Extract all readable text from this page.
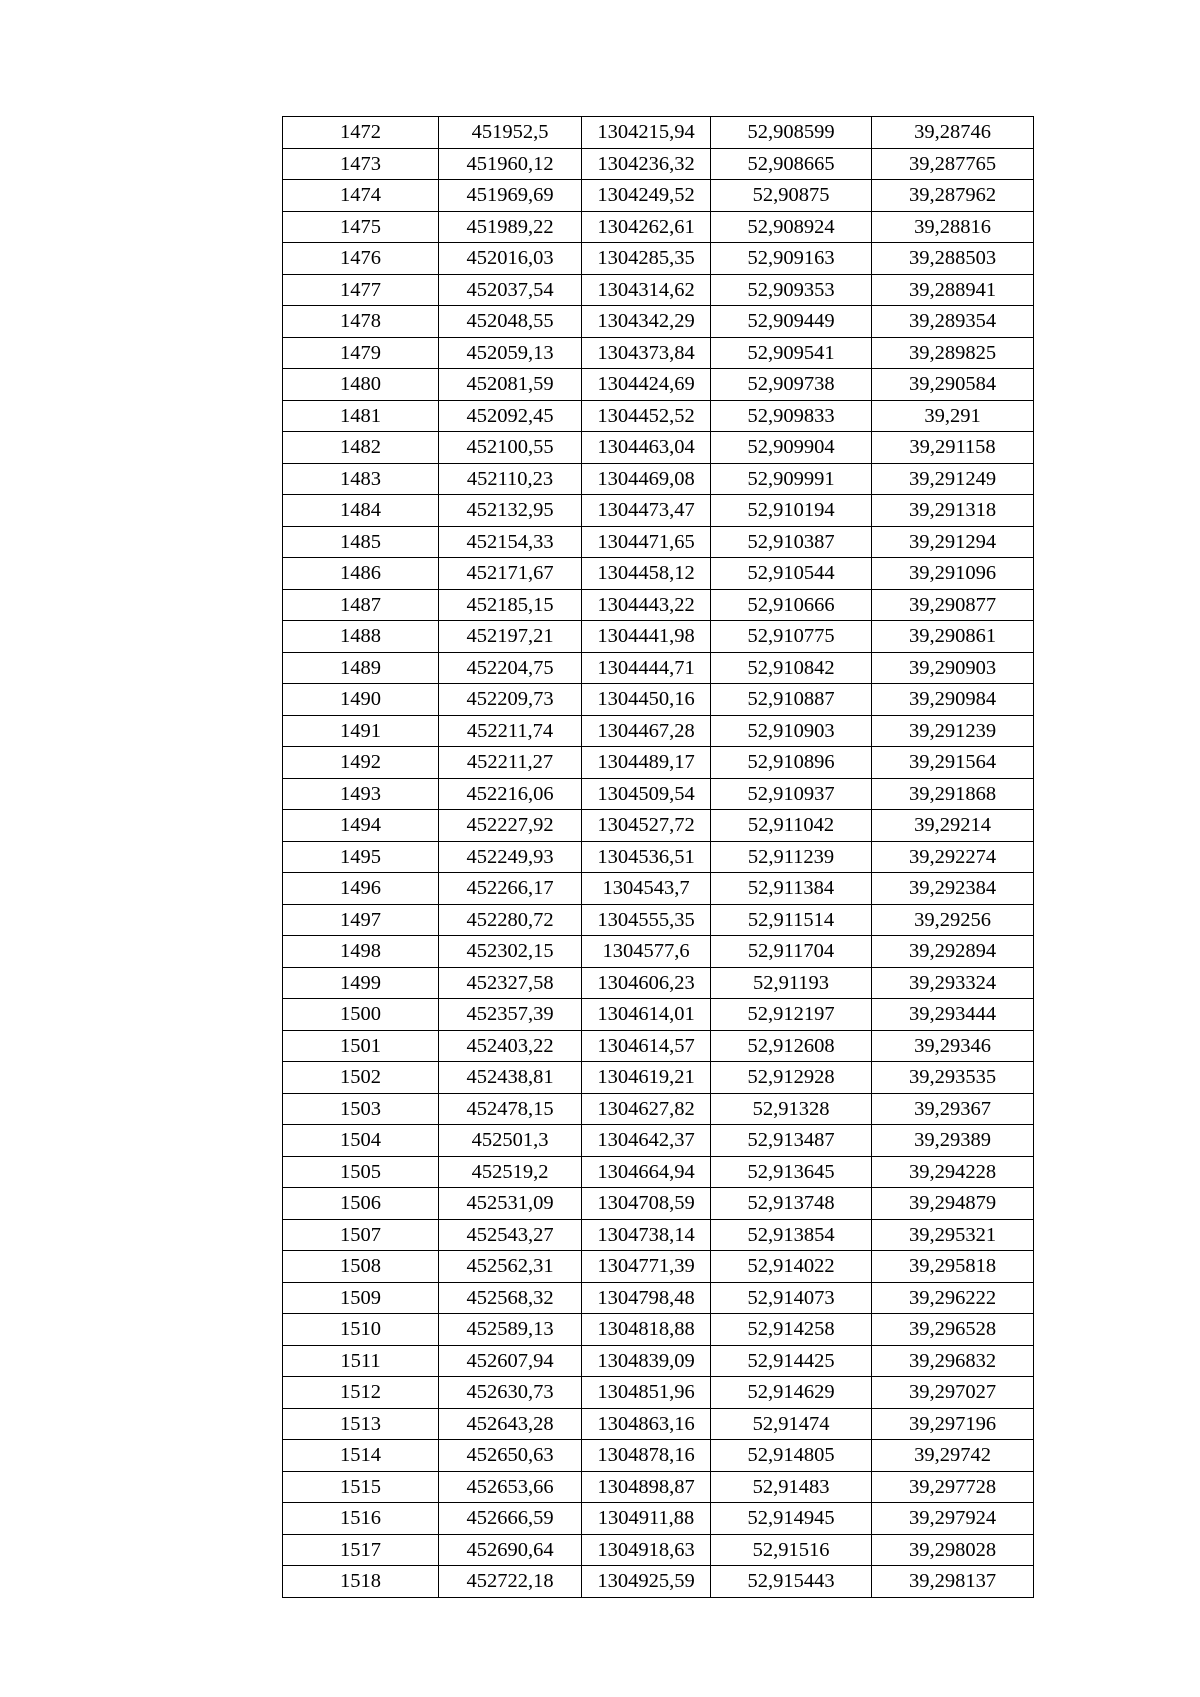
1472	451952,5	1304215,94	52,908599	39,28746
1473	451960,12	1304236,32	52,908665	39,287765
1474	451969,69	1304249,52	52,90875	39,287962
1475	451989,22	1304262,61	52,908924	39,28816
1476	452016,03	1304285,35	52,909163	39,288503
1477	452037,54	1304314,62	52,909353	39,288941
1478	452048,55	1304342,29	52,909449	39,289354
1479	452059,13	1304373,84	52,909541	39,289825
1480	452081,59	1304424,69	52,909738	39,290584
1481	452092,45	1304452,52	52,909833	39,291
1482	452100,55	1304463,04	52,909904	39,291158
1483	452110,23	1304469,08	52,909991	39,291249
1484	452132,95	1304473,47	52,910194	39,291318
1485	452154,33	1304471,65	52,910387	39,291294
1486	452171,67	1304458,12	52,910544	39,291096
1487	452185,15	1304443,22	52,910666	39,290877
1488	452197,21	1304441,98	52,910775	39,290861
1489	452204,75	1304444,71	52,910842	39,290903
1490	452209,73	1304450,16	52,910887	39,290984
1491	452211,74	1304467,28	52,910903	39,291239
1492	452211,27	1304489,17	52,910896	39,291564
1493	452216,06	1304509,54	52,910937	39,291868
1494	452227,92	1304527,72	52,911042	39,29214
1495	452249,93	1304536,51	52,911239	39,292274
1496	452266,17	1304543,7	52,911384	39,292384
1497	452280,72	1304555,35	52,911514	39,29256
1498	452302,15	1304577,6	52,911704	39,292894
1499	452327,58	1304606,23	52,91193	39,293324
1500	452357,39	1304614,01	52,912197	39,293444
1501	452403,22	1304614,57	52,912608	39,29346
1502	452438,81	1304619,21	52,912928	39,293535
1503	452478,15	1304627,82	52,91328	39,29367
1504	452501,3	1304642,37	52,913487	39,29389
1505	452519,2	1304664,94	52,913645	39,294228
1506	452531,09	1304708,59	52,913748	39,294879
1507	452543,27	1304738,14	52,913854	39,295321
1508	452562,31	1304771,39	52,914022	39,295818
1509	452568,32	1304798,48	52,914073	39,296222
1510	452589,13	1304818,88	52,914258	39,296528
1511	452607,94	1304839,09	52,914425	39,296832
1512	452630,73	1304851,96	52,914629	39,297027
1513	452643,28	1304863,16	52,91474	39,297196
1514	452650,63	1304878,16	52,914805	39,29742
1515	452653,66	1304898,87	52,91483	39,297728
1516	452666,59	1304911,88	52,914945	39,297924
1517	452690,64	1304918,63	52,91516	39,298028
1518	452722,18	1304925,59	52,915443	39,298137
